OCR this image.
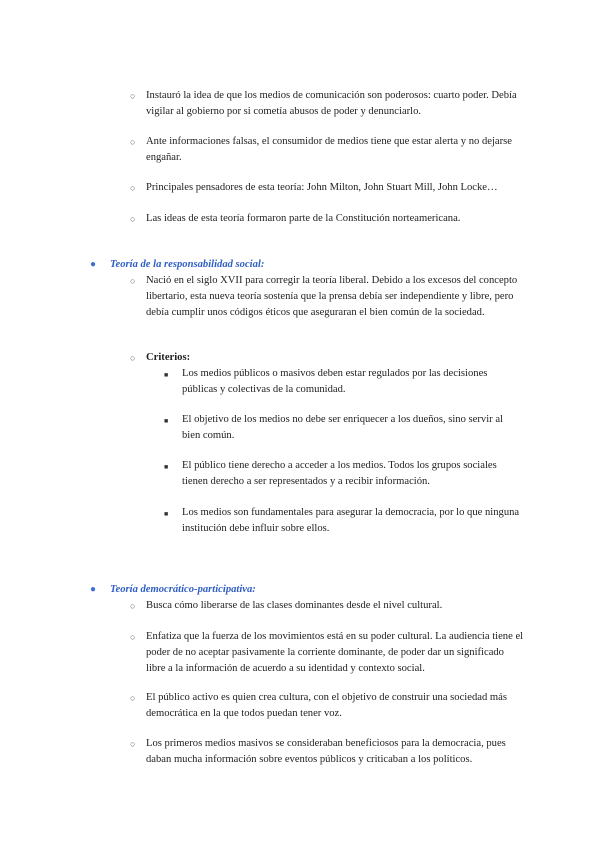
○ Instauró la idea de que los medios de comunicación son poderosos: cuarto poder. Debía vigilar al gobierno por si cometía abusos de poder y denunciarlo.
○ Ante informaciones falsas, el consumidor de medios tiene que estar alerta y no dejarse engañar.
○ Principales pensadores de esta teoría: John Milton, John Stuart Mill, John Locke…
○ Las ideas de esta teoría formaron parte de la Constitución norteamericana.
● Teoría de la responsabilidad social:
○ Nació en el siglo XVII para corregir la teoría liberal. Debido a los excesos del concepto libertario, esta nueva teoría sostenía que la prensa debía ser independiente y libre, pero debía cumplir unos códigos éticos que aseguraran el bien común de la sociedad.
○ Criterios:
■ Los medios públicos o masivos deben estar regulados por las decisiones públicas y colectivas de la comunidad.
■ El objetivo de los medios no debe ser enriquecer a los dueños, sino servir al bien común.
■ El público tiene derecho a acceder a los medios. Todos los grupos sociales tienen derecho a ser representados y a recibir información.
■ Los medios son fundamentales para asegurar la democracia, por lo que ninguna institución debe influir sobre ellos.
● Teoría democrático-participativa:
○ Busca cómo liberarse de las clases dominantes desde el nivel cultural.
○ Enfatiza que la fuerza de los movimientos está en su poder cultural. La audiencia tiene el poder de no aceptar pasivamente la corriente dominante, de poder dar un significado libre a la información de acuerdo a su identidad y contexto social.
○ El público activo es quien crea cultura, con el objetivo de construir una sociedad más democrática en la que todos puedan tener voz.
○ Los primeros medios masivos se consideraban beneficiosos para la democracia, pues daban mucha información sobre eventos públicos y criticaban a los políticos.
